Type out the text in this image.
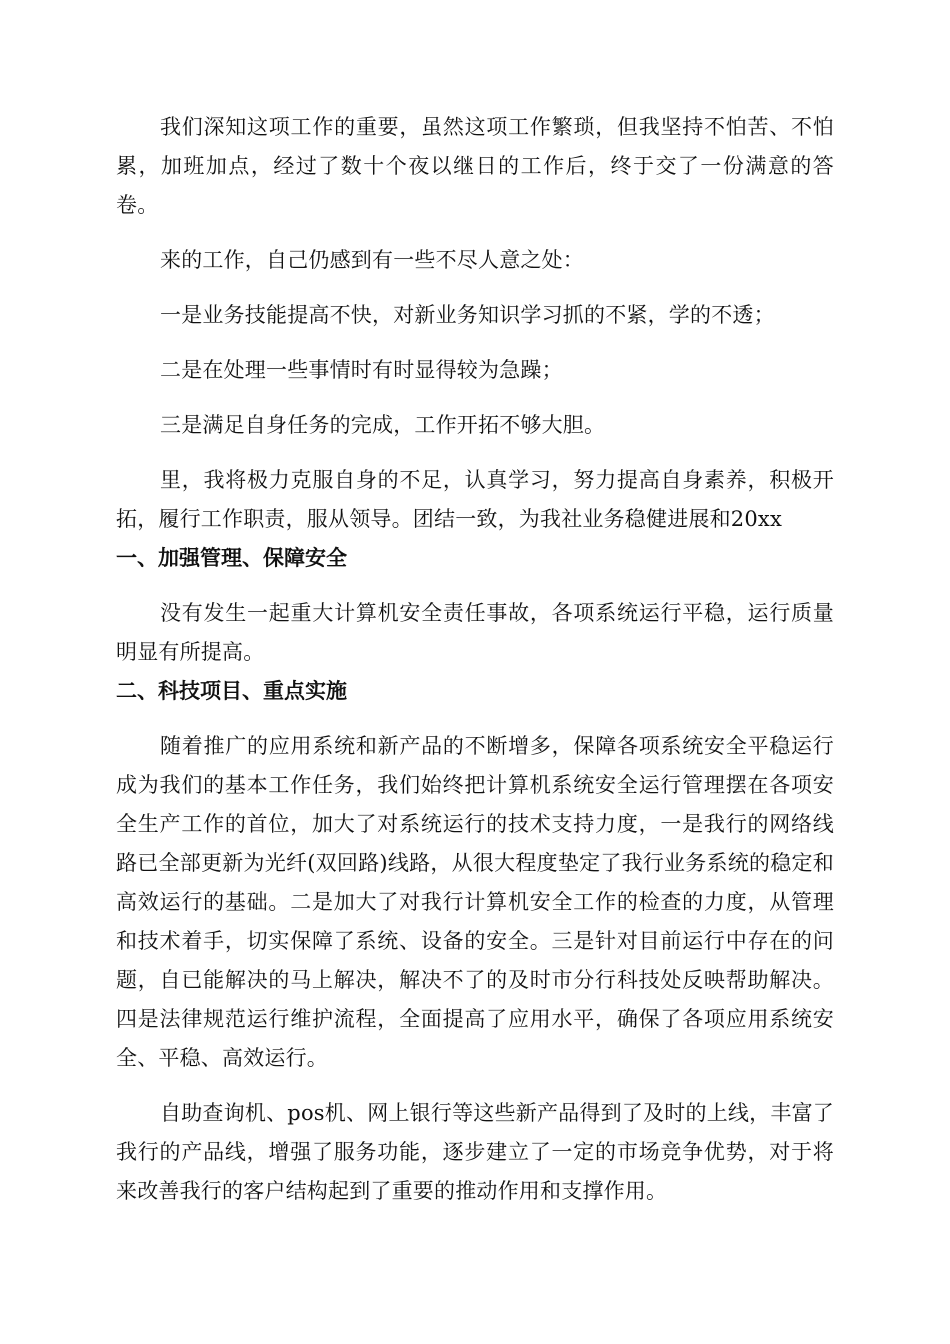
我们深知这项工作的重要，虽然这项工作繁琐，但我坚持不怕苦、不怕累，加班加点，经过了数十个夜以继日的工作后，终于交了一份满意的答卷。

来的工作，自己仍感到有一些不尽人意之处：

一是业务技能提高不快，对新业务知识学习抓的不紧，学的不透；

二是在处理一些事情时有时显得较为急躁；

三是满足自身任务的完成，工作开拓不够大胆。

里，我将极力克服自身的不足，认真学习，努力提高自身素养，积极开拓，履行工作职责，服从领导。团结一致，为我社业务稳健进展和20xx

一、加强管理、保障安全

没有发生一起重大计算机安全责任事故，各项系统运行平稳，运行质量明显有所提高。

二、科技项目、重点实施

随着推广的应用系统和新产品的不断增多，保障各项系统安全平稳运行成为我们的基本工作任务，我们始终把计算机系统安全运行管理摆在各项安全生产工作的首位，加大了对系统运行的技术支持力度，一是我行的网络线路已全部更新为光纤(双回路)线路，从很大程度垫定了我行业务系统的稳定和高效运行的基础。二是加大了对我行计算机安全工作的检查的力度，从管理和技术着手，切实保障了系统、设备的安全。三是针对目前运行中存在的问题，自已能解决的马上解决，解决不了的及时市分行科技处反映帮助解决。四是法律规范运行维护流程，全面提高了应用水平，确保了各项应用系统安全、平稳、高效运行。

自助查询机、pos机、网上银行等这些新产品得到了及时的上线，丰富了我行的产品线，增强了服务功能，逐步建立了一定的市场竞争优势，对于将来改善我行的客户结构起到了重要的推动作用和支撑作用。
